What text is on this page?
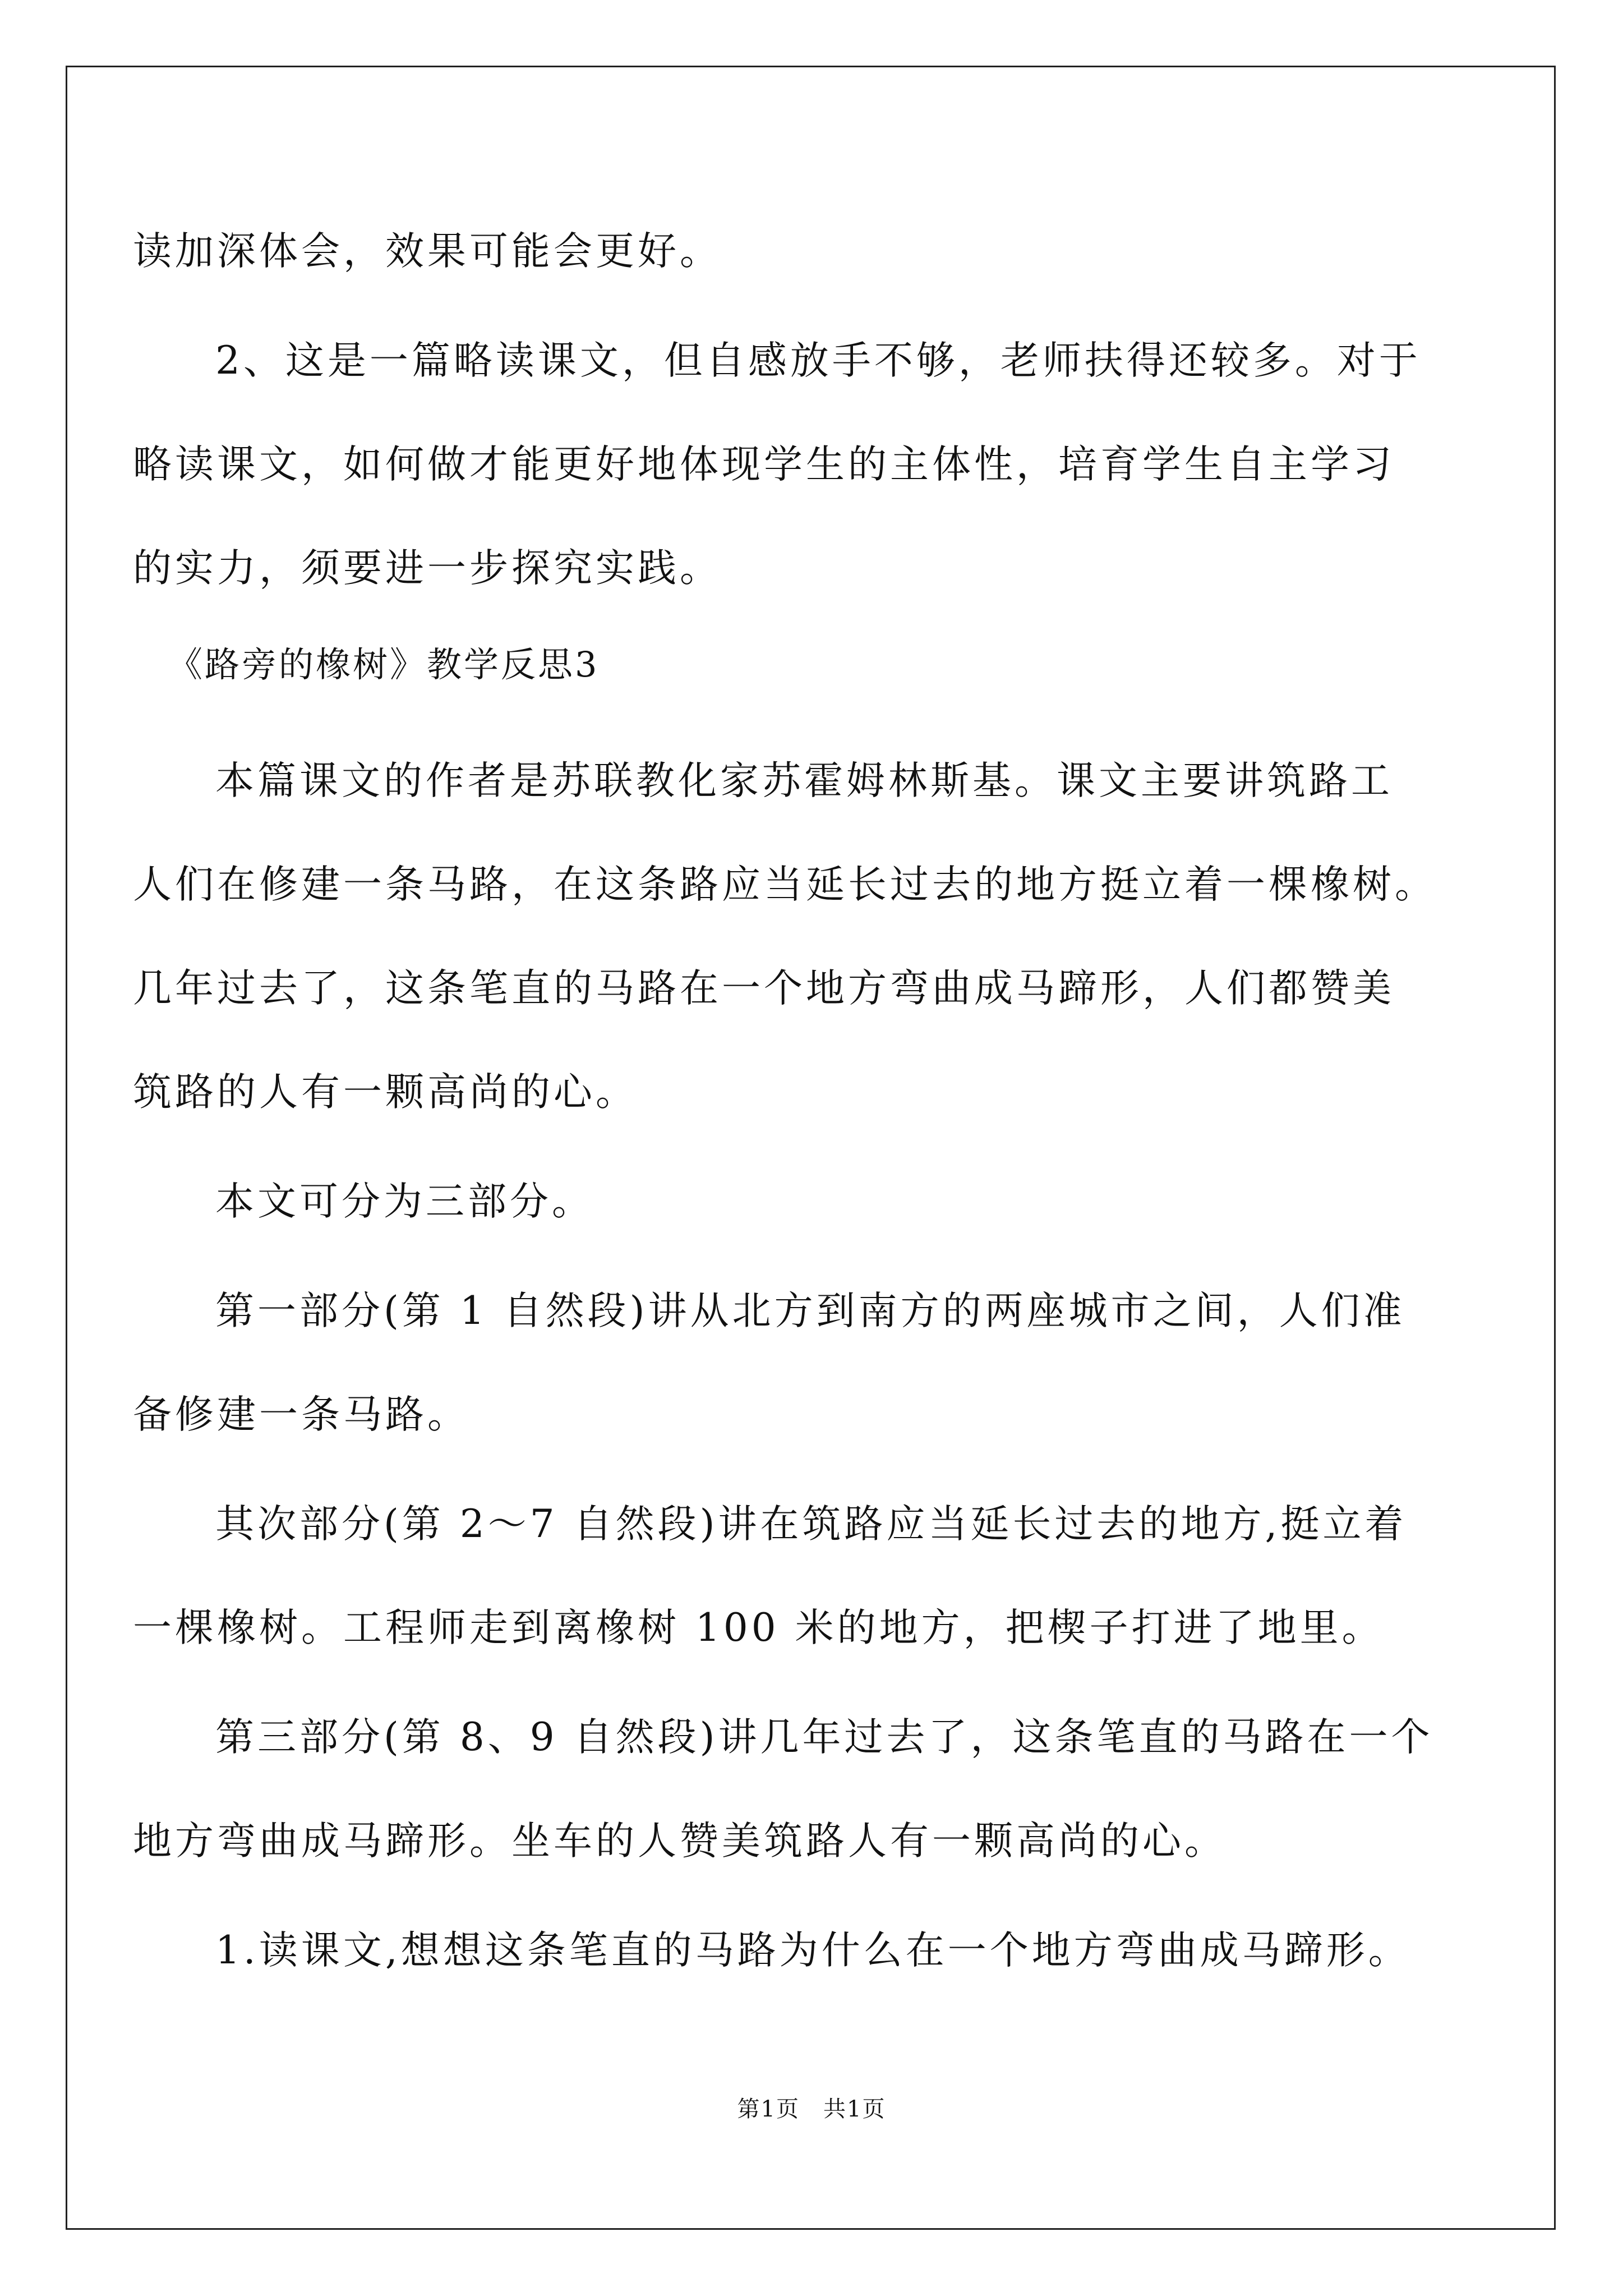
读加深体会，效果可能会更好。
2、这是一篇略读课文，但自感放手不够，老师扶得还较多。对于
略读课文，如何做才能更好地体现学生的主体性，培育学生自主学习
的实力，须要进一步探究实践。
《路旁的橡树》教学反思3
本篇课文的作者是苏联教化家苏霍姆林斯基。课文主要讲筑路工
人们在修建一条马路，在这条路应当延长过去的地方挺立着一棵橡树。
几年过去了，这条笔直的马路在一个地方弯曲成马蹄形，人们都赞美
筑路的人有一颗高尚的心。
本文可分为三部分。
第一部分(第 1 自然段)讲从北方到南方的两座城市之间，人们准
备修建一条马路。
其次部分(第 2～7 自然段)讲在筑路应当延长过去的地方,挺立着
一棵橡树。工程师走到离橡树 100 米的地方，把楔子打进了地里。
第三部分(第 8、9 自然段)讲几年过去了，这条笔直的马路在一个
地方弯曲成马蹄形。坐车的人赞美筑路人有一颗高尚的心。
1.读课文,想想这条笔直的马路为什么在一个地方弯曲成马蹄形。
第1页　共1页
